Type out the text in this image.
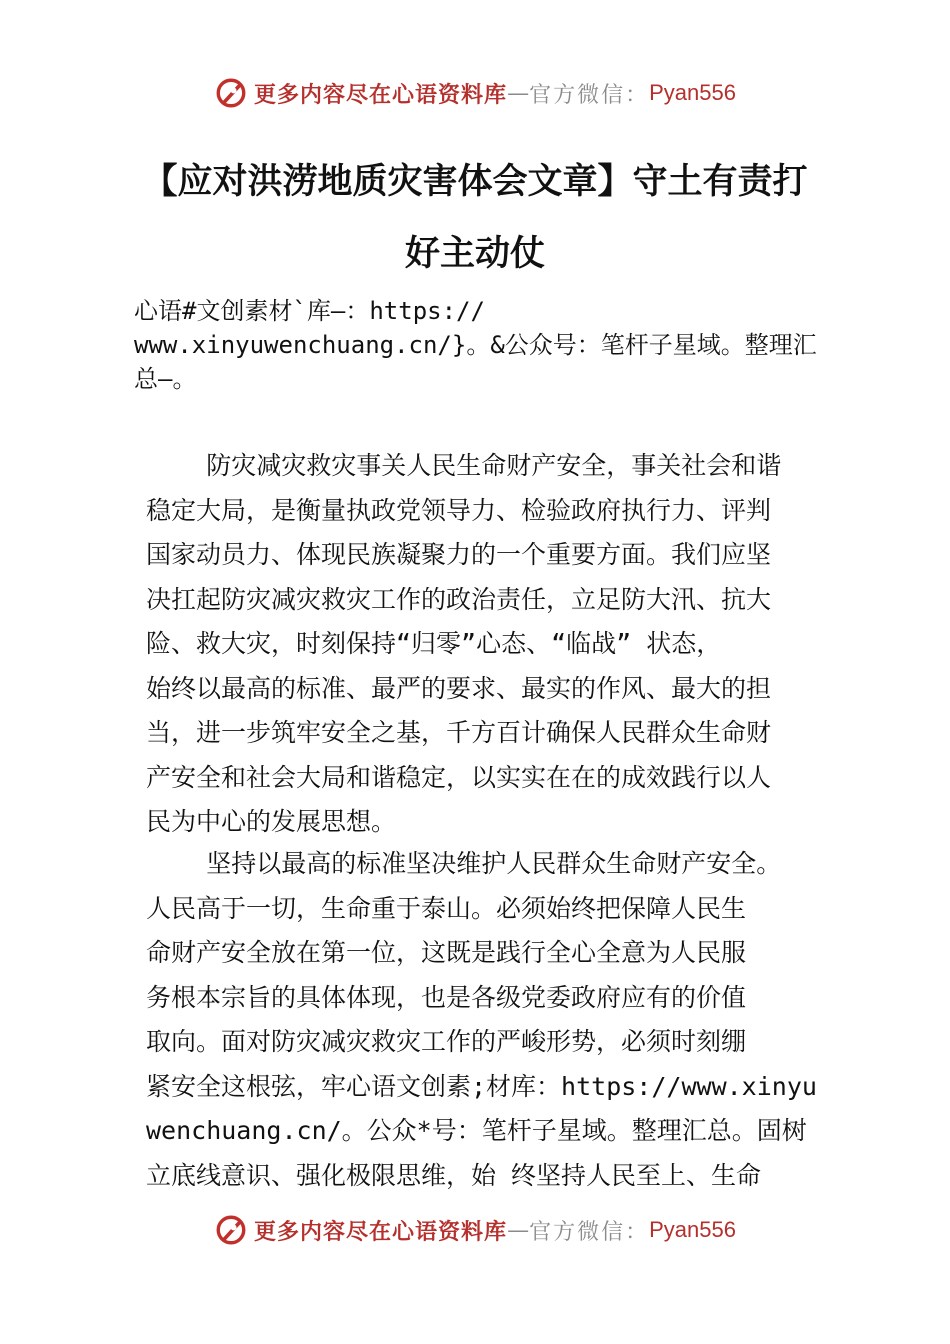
更多内容尽在心语资料库 — 官方微信： Pyan556
【应对洪涝地质灾害体会文章】守土有责打
好主动仗
心语#文创素材`库—：https://
www.xinyuwenchuang.cn/}。&公众号：笔杆子星域。整理汇
总—。
防灾减灾救灾事关人民生命财产安全，事关社会和谐
稳定大局，是衡量执政党领导力、检验政府执行力、评判
国家动员力、体现民族凝聚力的一个重要方面。我们应坚
决扛起防灾减灾救灾工作的政治责任，立足防大汛、抗大
险、救大灾，时刻保持“归零”心态、“临战” 状态，
始终以最高的标准、最严的要求、最实的作风、最大的担
当，进一步筑牢安全之基，千方百计确保人民群众生命财
产安全和社会大局和谐稳定，以实实在在的成效践行以人
民为中心的发展思想。
坚持以最高的标准坚决维护人民群众生命财产安全。
人民高于一切，生命重于泰山。必须始终把保障人民生
命财产安全放在第一位，这既是践行全心全意为人民服
务根本宗旨的具体体现，也是各级党委政府应有的价值
取向。面对防灾减灾救灾工作的严峻形势，必须时刻绷
紧安全这根弦，牢心语文创素;材库：https://www.xinyu
wenchuang.cn/。公众*号：笔杆子星域。整理汇总。固树
立底线意识、强化极限思维，始 终坚持人民至上、生命
更多内容尽在心语资料库 — 官方微信： Pyan556
